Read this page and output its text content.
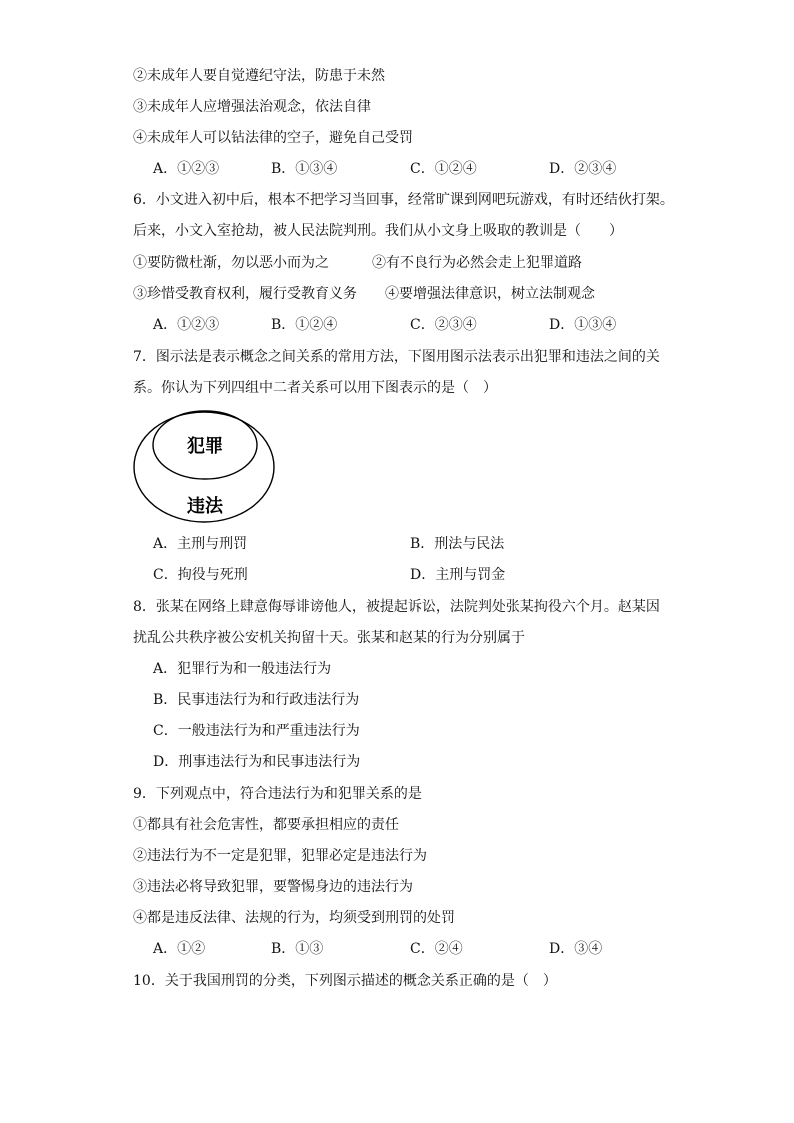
②未成年人要自觉遵纪守法，防患于未然
③未成年人应增强法治观念，依法自律
④未成年人可以钻法律的空子，避免自己受罚
A．①②③	B．①③④	C．①②④	D．②③④
6．小文进入初中后，根本不把学习当回事，经常旷课到网吧玩游戏，有时还结伙打架。
后来，小文入室抢劫，被人民法院判刑。我们从小文身上吸取的教训是（　　）
①要防微杜渐，勿以恶小而为之	②有不良行为必然会走上犯罪道路
③珍惜受教育权利，履行受教育义务 ④要增强法律意识，树立法制观念
A．①②③	B．①②④	C．②③④	D．①③④
7．图示法是表示概念之间关系的常用方法，下图用图示法表示出犯罪和违法之间的关
系。你认为下列四组中二者关系可以用下图表示的是（　）
犯罪
违法
A．主刑与刑罚	B．刑法与民法
C．拘役与死刑	D．主刑与罚金
8．张某在网络上肆意侮辱诽谤他人，被提起诉讼，法院判处张某拘役六个月。赵某因
扰乱公共秩序被公安机关拘留十天。张某和赵某的行为分别属于
A．犯罪行为和一般违法行为
B．民事违法行为和行政违法行为
C．一般违法行为和严重违法行为
D．刑事违法行为和民事违法行为
9．下列观点中，符合违法行为和犯罪关系的是
①都具有社会危害性，都要承担相应的责任
②违法行为不一定是犯罪，犯罪必定是违法行为
③违法必将导致犯罪，要警惕身边的违法行为
④都是违反法律、法规的行为，均须受到刑罚的处罚
A．①②	B．①③	C．②④	D．③④
10．关于我国刑罚的分类，下列图示描述的概念关系正确的是（　）
